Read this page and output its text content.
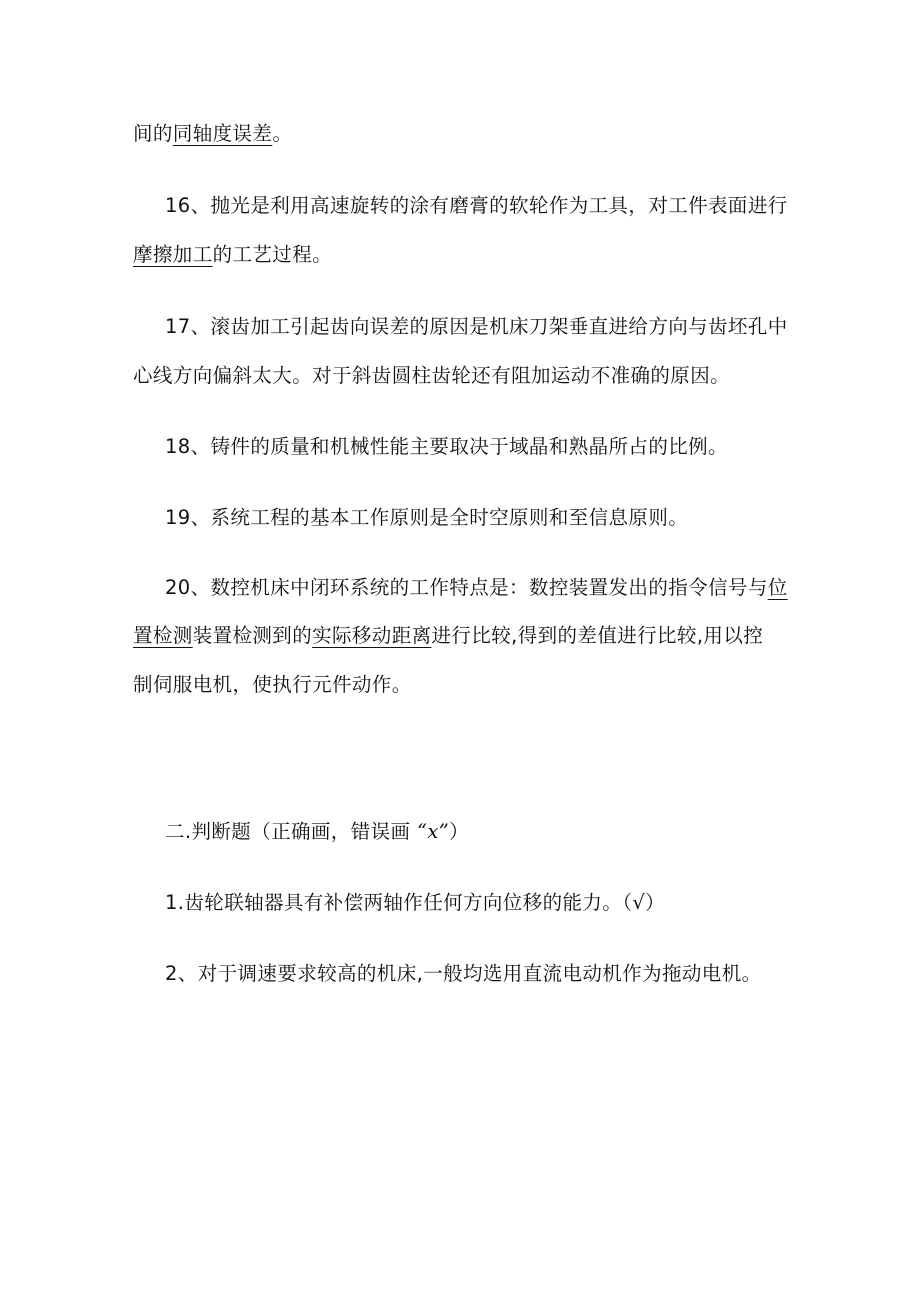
间的同轴度误差。
16、抛光是利用高速旋转的涂有磨膏的软轮作为工具，对工件表面进行
摩擦加工的工艺过程。
17、滚齿加工引起齿向误差的原因是机床刀架垂直进给方向与齿坯孔中
心线方向偏斜太大。对于斜齿圆柱齿轮还有阻加运动不准确的原因。
18、铸件的质量和机械性能主要取决于域晶和熟晶所占的比例。
19、系统工程的基本工作原则是全时空原则和至信息原则。
20、数控机床中闭环系统的工作特点是：数控装置发出的指令信号与位
置检测装置检测到的实际移动距离进行比较,得到的差值进行比较,用以控
制伺服电机，使执行元件动作。
二.判断题（正确画，错误画 “x”）
1.齿轮联轴器具有补偿两轴作任何方向位移的能力。（√）
2、对于调速要求较高的机床,一般均选用直流电动机作为拖动电机。
